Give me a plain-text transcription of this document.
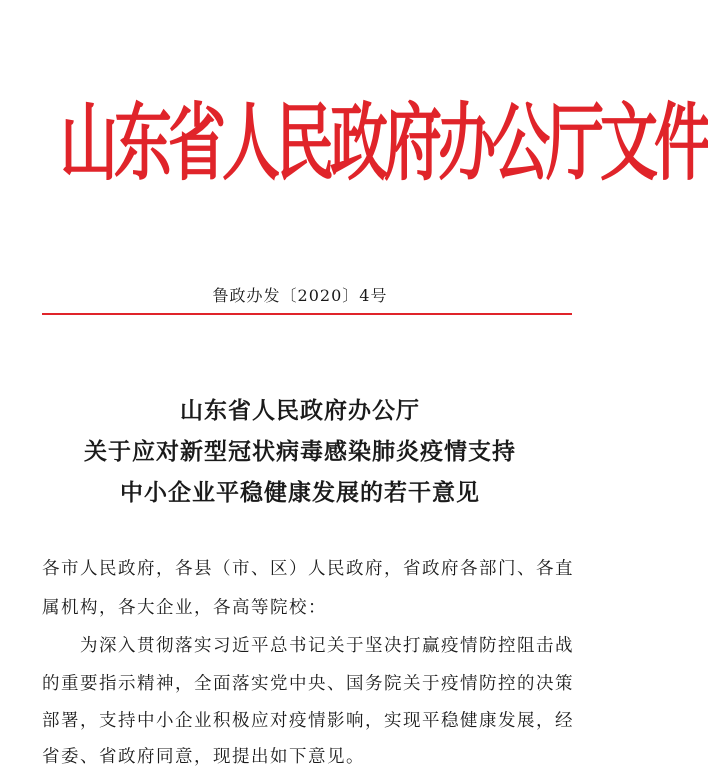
山东省人民政府办公厅文件
鲁政办发〔2020〕4号
山东省人民政府办公厅
关于应对新型冠状病毒感染肺炎疫情支持
中小企业平稳健康发展的若干意见
各市人民政府，各县（市、区）人民政府，省政府各部门、各直
属机构，各大企业，各高等院校：
为深入贯彻落实习近平总书记关于坚决打赢疫情防控阻击战
的重要指示精神，全面落实党中央、国务院关于疫情防控的决策
部署，支持中小企业积极应对疫情影响，实现平稳健康发展，经
省委、省政府同意，现提出如下意见。
